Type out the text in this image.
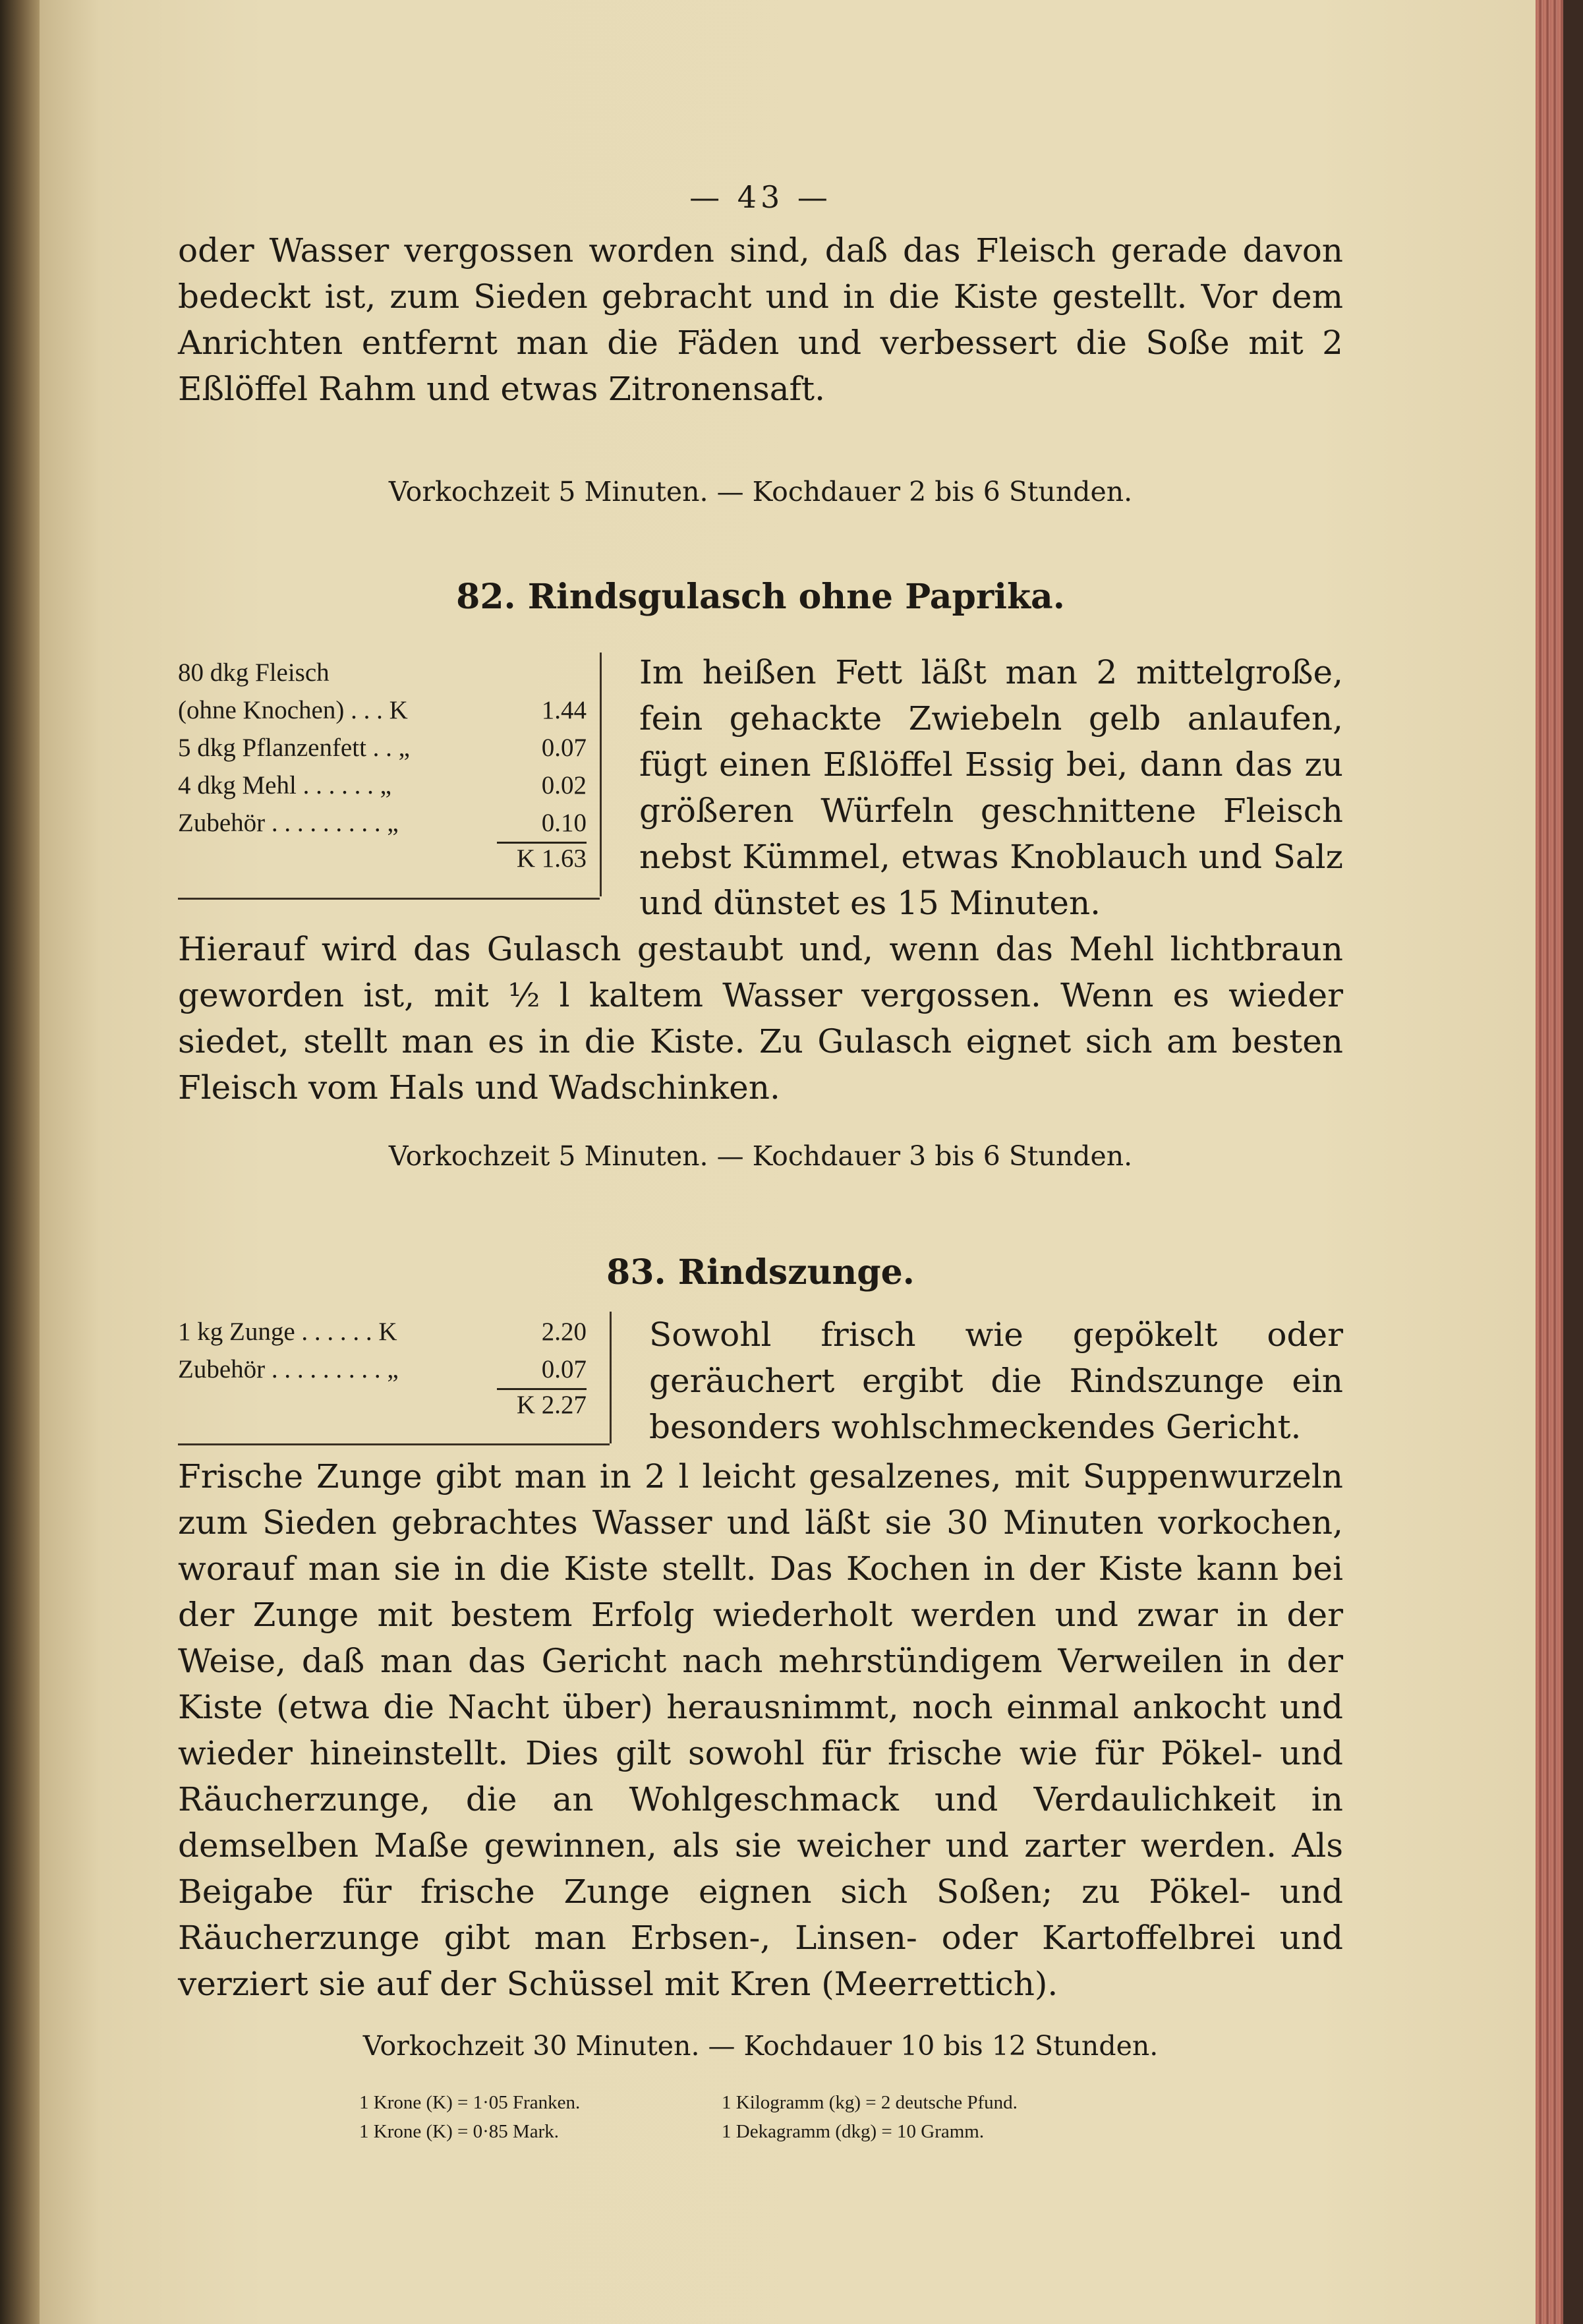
— 43 —
oder Wasser vergossen worden sind, daß das Fleisch gerade davon bedeckt ist, zum Sieden gebracht und in die Kiste gestellt. Vor dem Anrichten entfernt man die Fäden und verbessert die Soße mit 2 Eßlöffel Rahm und etwas Zitronensaft.
Vorkochzeit 5 Minuten. — Kochdauer 2 bis 6 Stunden.
82. Rindsgulasch ohne Paprika.
80 dkg Fleisch
(ohne Knochen) . . . K	1.44
5 dkg Pflanzenfett . . „	0.07
4 dkg Mehl . . . . . . „	0.02
Zubehör . . . . . . . . . „	0.10
K 1.63
Im heißen Fett läßt man 2 mittelgroße, fein gehackte Zwiebeln gelb anlaufen, fügt einen Eßlöffel Essig bei, dann das zu größeren Würfeln geschnittene Fleisch nebst Kümmel, etwas Knoblauch und Salz und dünstet es 15 Minuten.
Hierauf wird das Gulasch gestaubt und, wenn das Mehl lichtbraun geworden ist, mit ½ l kaltem Wasser vergossen. Wenn es wieder siedet, stellt man es in die Kiste. Zu Gulasch eignet sich am besten Fleisch vom Hals und Wadschinken.
Vorkochzeit 5 Minuten. — Kochdauer 3 bis 6 Stunden.
83. Rindszunge.
1 kg Zunge . . . . . . K	2.20
Zubehör . . . . . . . . . „	0.07
K 2.27
Sowohl frisch wie gepökelt oder geräuchert ergibt die Rindszunge ein besonders wohlschmeckendes Gericht.
Frische Zunge gibt man in 2 l leicht gesalzenes, mit Suppenwurzeln zum Sieden gebrachtes Wasser und läßt sie 30 Minuten vorkochen, worauf man sie in die Kiste stellt. Das Kochen in der Kiste kann bei der Zunge mit bestem Erfolg wiederholt werden und zwar in der Weise, daß man das Gericht nach mehrstündigem Verweilen in der Kiste (etwa die Nacht über) herausnimmt, noch einmal ankocht und wieder hineinstellt. Dies gilt sowohl für frische wie für Pökel- und Räucherzunge, die an Wohlgeschmack und Verdaulichkeit in demselben Maße gewinnen, als sie weicher und zarter werden. Als Beigabe für frische Zunge eignen sich Soßen; zu Pökel- und Räucherzunge gibt man Erbsen-, Linsen- oder Kartoffelbrei und verziert sie auf der Schüssel mit Kren (Meerrettich).
Vorkochzeit 30 Minuten. — Kochdauer 10 bis 12 Stunden.
1 Krone (K) = 1·05 Franken.
1 Krone (K) = 0·85 Mark.
1 Kilogramm (kg) = 2 deutsche Pfund.
1 Dekagramm (dkg) = 10 Gramm.
